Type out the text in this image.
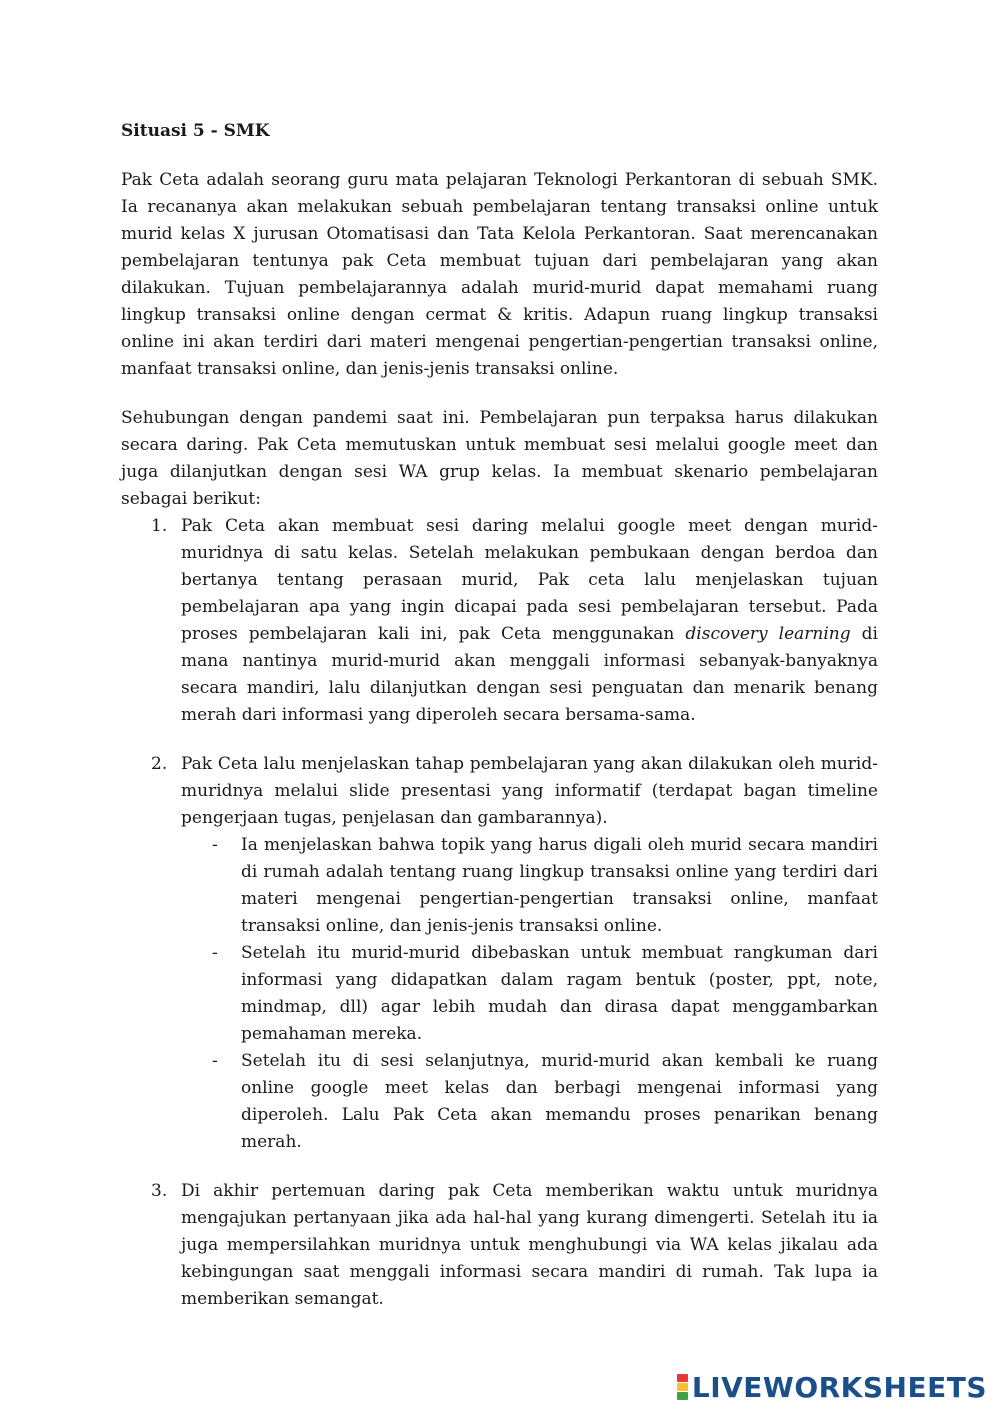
Situasi 5 - SMK

Pak Ceta adalah seorang guru mata pelajaran Teknologi Perkantoran di sebuah SMK. Ia recananya akan melakukan sebuah pembelajaran tentang transaksi online untuk murid kelas X jurusan Otomatisasi dan Tata Kelola Perkantoran. Saat merencanakan pembelajaran tentunya pak Ceta membuat tujuan dari pembelajaran yang akan dilakukan. Tujuan pembelajarannya adalah murid-murid dapat memahami ruang lingkup transaksi online dengan cermat & kritis. Adapun ruang lingkup transaksi online ini akan terdiri dari materi mengenai pengertian-pengertian transaksi online, manfaat transaksi online, dan jenis-jenis transaksi online.

Sehubungan dengan pandemi saat ini. Pembelajaran pun terpaksa harus dilakukan secara daring. Pak Ceta memutuskan untuk membuat sesi melalui google meet dan juga dilanjutkan dengan sesi WA grup kelas. Ia membuat skenario pembelajaran sebagai berikut:

1. Pak Ceta akan membuat sesi daring melalui google meet dengan murid-muridnya di satu kelas. Setelah melakukan pembukaan dengan berdoa dan bertanya tentang perasaan murid, Pak ceta lalu menjelaskan tujuan pembelajaran apa yang ingin dicapai pada sesi pembelajaran tersebut. Pada proses pembelajaran kali ini, pak Ceta menggunakan discovery learning di mana nantinya murid-murid akan menggali informasi sebanyak-banyaknya secara mandiri, lalu dilanjutkan dengan sesi penguatan dan menarik benang merah dari informasi yang diperoleh secara bersama-sama.
2. Pak Ceta lalu menjelaskan tahap pembelajaran yang akan dilakukan oleh murid-muridnya melalui slide presentasi yang informatif (terdapat bagan timeline pengerjaan tugas, penjelasan dan gambarannya).
- Ia menjelaskan bahwa topik yang harus digali oleh murid secara mandiri di rumah adalah tentang ruang lingkup transaksi online yang terdiri dari materi mengenai pengertian-pengertian transaksi online, manfaat transaksi online, dan jenis-jenis transaksi online.
- Setelah itu murid-murid dibebaskan untuk membuat rangkuman dari informasi yang didapatkan dalam ragam bentuk (poster, ppt, note, mindmap, dll) agar lebih mudah dan dirasa dapat menggambarkan pemahaman mereka.
- Setelah itu di sesi selanjutnya, murid-murid akan kembali ke ruang online google meet kelas dan berbagi mengenai informasi yang diperoleh. Lalu Pak Ceta akan memandu proses penarikan benang merah.
3. Di akhir pertemuan daring pak Ceta memberikan waktu untuk muridnya mengajukan pertanyaan jika ada hal-hal yang kurang dimengerti. Setelah itu ia juga mempersilahkan muridnya untuk menghubungi via WA kelas jikalau ada kebingungan saat menggali informasi secara mandiri di rumah. Tak lupa ia memberikan semangat.
LIVEWORKSHEETS
